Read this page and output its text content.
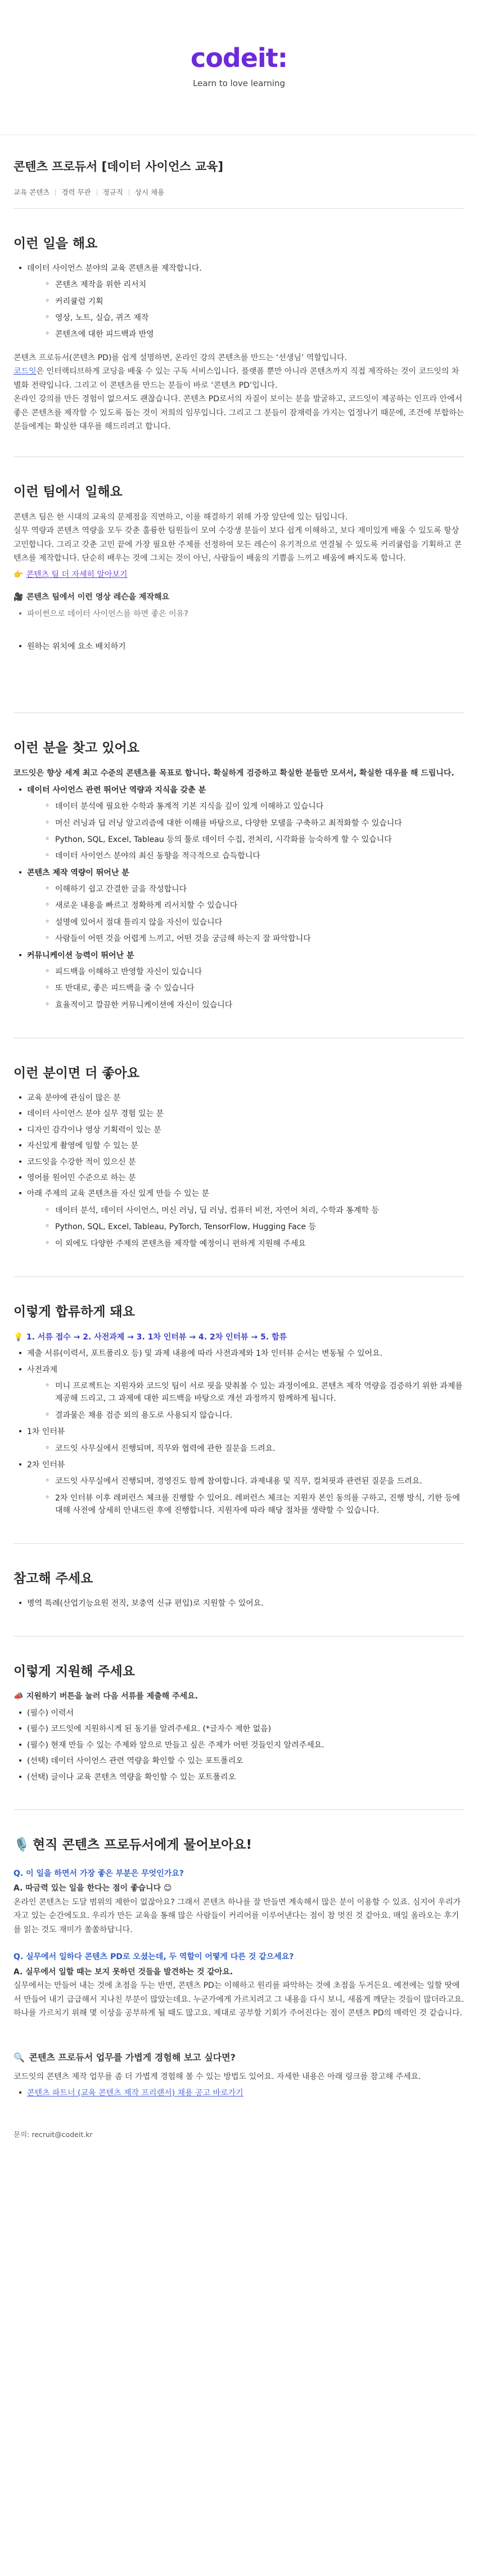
codeit:
Learn to love learning
콘텐츠 프로듀서 [데이터 사이언스 교육]
교육 콘텐츠	경력 무관	정규직	상시 채용
이런 일을 해요
• 데이터 사이언스 분야의 교육 콘텐츠를 제작합니다.
◦ 콘텐츠 제작을 위한 리서치
◦ 커리큘럼 기획
◦ 영상, 노트, 실습, 퀴즈 제작
◦ 콘텐츠에 대한 피드백과 반영

콘텐츠 프로듀서(콘텐츠 PD)를 쉽게 설명하면, 온라인 강의 콘텐츠를 만드는 ‘선생님’ 역할입니다.

코드잇은 인터랙티브하게 코딩을 배울 수 있는 구독 서비스입니다. 플랫폼 뿐만 아니라 콘텐츠까지 직접 제작하는 것이 코드잇의 차별화 전략입니다. 그리고 이 콘텐츠를 만드는 분들이 바로 ‘콘텐츠 PD’입니다.

온라인 강의를 만든 경험이 없으셔도 괜찮습니다. 콘텐츠 PD로서의 자질이 보이는 분을 발굴하고, 코드잇이 제공하는 인프라 안에서 좋은 콘텐츠를 제작할 수 있도록 돕는 것이 저희의 임무입니다. 그리고 그 분들이 잠재력을 가지는 업정나기 때문에, 조건에 부합하는 분들에게는 확실한 대우를 해드리려고 합니다.

이런 팀에서 일해요

콘텐츠 팀은 한 시대의 교육의 문제점을 직면하고, 이를 해결하기 위해 가장 앞단에 있는 팀입니다.

실무 역량과 콘텐츠 역량을 모두 갖춘 훌륭한 팀원들이 모여 수강생 분들이 보다 쉽게 이해하고, 보다 재미있게 배울 수 있도록 항상 고민합니다. 그리고 갖춘 고민 끝에 가장 필요한 주제를 선정하여 모든 레슨이 유기적으로 연결될 수 있도록 커리큘럼을 기획하고 콘텐츠를 제작합니다. 단순히 배우는 것에 그치는 것이 아닌, 사람들이 배움의 기쁨을 느끼고 배움에 빠지도록 합니다.

👉 콘텐츠 팀 더 자세히 알아보기

🎥 콘텐츠 팀에서 이런 영상 레슨을 제작해요

• 파이썬으로 데이터 사이언스를 하면 좋은 이유?
• 원하는 위치에 요소 배치하기
이런 분을 찾고 있어요

코드잇은 향상 세계 최고 수준의 콘텐츠를 목표로 합니다. 확실하게 검증하고 확실한 분들만 모셔서, 확실한 대우를 해 드립니다.

• 데이터 사이언스 관련 뛰어난 역량과 지식을 갖춘 분
◦ 데이터 분석에 필요한 수학과 통계적 기본 지식을 깊이 있게 이해하고 있습니다
◦ 머신 러닝과 딥 러닝 알고리즘에 대한 이해를 바탕으로, 다양한 모델을 구축하고 최적화할 수 있습니다
◦ Python, SQL, Excel, Tableau 등의 툴로 데이터 수집, 전처리, 시각화를 능숙하게 할 수 있습니다
◦ 데이터 사이언스 분야의 최신 동향을 적극적으로 습득합니다
• 콘텐츠 제작 역량이 뛰어난 분
◦ 이해하기 쉽고 간결한 글을 작성합니다
◦ 새로운 내용을 빠르고 정확하게 리서치할 수 있습니다
◦ 설명에 있어서 절대 틀리지 않을 자신이 있습니다
◦ 사람들이 어떤 것을 어렵게 느끼고, 어떤 것을 궁금해 하는지 잘 파악합니다
• 커뮤니케이션 능력이 뛰어난 분
◦ 피드백을 이해하고 반영할 자신이 있습니다
◦ 또 반대로, 좋은 피드백을 줄 수 있습니다
◦ 효율적이고 깔끔한 커뮤니케이션에 자신이 있습니다
이런 분이면 더 좋아요
• 교육 분야에 관심이 많은 분
• 데이터 사이언스 분야 실무 경험 있는 분
• 디자인 감각이나 영상 기획력이 있는 분
• 자신있게 촬영에 임할 수 있는 분
• 코드잇을 수강한 적이 있으신 분
• 영어를 원어민 수준으로 하는 분
• 아래 주제의 교육 콘텐츠를 자신 있게 만들 수 있는 분
◦ 데이터 분석, 데이터 사이언스, 머신 러닝, 딥 러닝, 컴퓨터 비전, 자연어 처리, 수학과 통계학 등
◦ Python, SQL, Excel, Tableau, PyTorch, TensorFlow, Hugging Face 등
◦ 이 외에도 다양한 주제의 콘텐츠를 제작할 예정이니 편하게 지원해 주세요
이렇게 합류하게 돼요

💡 1. 서류 접수 → 2. 사전과제 → 3. 1차 인터뷰 → 4. 2차 인터뷰 → 5. 합류

• 제출 서류(이력서, 포트폴리오 등) 및 과제 내용에 따라 사전과제와 1차 인터뷰 순서는 변동될 수 있어요.
• 사전과제
◦ 미니 프로젝트는 지원자와 코드잇 팀이 서로 핏을 맞춰볼 수 있는 과정이에요. 콘텐츠 제작 역량을 검증하기 위한 과제를 제공해 드리고, 그 과제에 대한 피드백을 바탕으로 개선 과정까지 함께하게 됩니다.
◦ 결과물은 채용 검증 외의 용도로 사용되지 않습니다.
• 1차 인터뷰
◦ 코드잇 사무실에서 진행되며, 직무와 협력에 관한 질문을 드려요.
• 2차 인터뷰
◦ 코드잇 사무실에서 진행되며, 경영진도 함께 참여합니다. 과제내용 및 직무, 컬쳐핏과 관련된 질문을 드려요.
◦ 2차 인터뷰 이후 레퍼런스 체크를 진행할 수 있어요. 레퍼런스 체크는 지원자 본인 동의를 구하고, 진행 방식, 기한 등에 대해 사전에 상세히 안내드린 후에 진행합니다. 지원자에 따라 해당 절차를 생략할 수 있습니다.
참고해 주세요
• 병역 특례(산업기능요원 전직, 보충역 신규 편입)로 지원할 수 있어요.
이렇게 지원해 주세요

📣 지원하기 버튼을 눌러 다음 서류를 제출해 주세요.

• (필수) 이력서
• (필수) 코드잇에 지원하시게 된 동기를 알려주세요. (*글자수 제한 없음)
• (필수) 현재 만들 수 있는 주제와 앞으로 만들고 싶은 주제가 어떤 것들인지 알려주세요.
• (선택) 데이터 사이언스 관련 역량을 확인할 수 있는 포트폴리오
• (선택) 글이나 교육 콘텐츠 역량을 확인할 수 있는 포트폴리오
🎙️ 현직 콘텐츠 프로듀서에게 물어보아요!

Q. 이 일을 하면서 가장 좋은 부분은 무엇인가요?

A. 따금력 있는 일을 한다는 점이 좋습니다 😊

온라인 콘텐츠는 도달 범위의 제한이 없잖아요? 그래서 콘텐츠 하나를 잘 만들면 계속해서 많은 분이 이용할 수 있죠. 심지어 우리가 자고 있는 순간에도요. 우리가 만든 교육을 통해 많은 사람들이 커리어를 이루어낸다는 점이 참 멋진 것 같아요. 매일 올라오는 후기를 읽는 것도 재미가 쏠쏠하답니다.

Q. 실무에서 일하다 콘텐츠 PD로 오셨는데, 두 역할이 어떻게 다른 것 같으세요?

A. 실무에서 일할 때는 보지 못하던 것들을 발견하는 것 같아요.

실무에서는 만들어 내는 것에 초점을 두는 반면, 콘텐츠 PD는 이해하고 원리를 파악하는 것에 초점을 두거든요. 예전에는 일할 땃에서 만들어 내기 급급해서 지나친 부분이 많았는데요. 누군가에게 가르치려고 그 내용을 다시 보니, 새롭게 깨닫는 것들이 많더라고요. 하나를 가르치기 위해 몇 이상을 공부하게 될 때도 많고요. 제대로 공부할 기회가 주어진다는 점이 콘텐츠 PD의 매력인 것 같습니다.

🔍 콘텐츠 프로듀서 업무를 가볍게 경험해 보고 싶다면?

코드잇의 콘텐츠 제작 업무를 좀 더 가볍게 경험해 볼 수 있는 방법도 있어요. 자세한 내용은 아래 링크를 참고해 주세요.

• 콘텐츠 파트너 (교육 콘텐츠 제작 프리랜서) 채용 공고 바로가기
문의: recruit@codeit.kr
